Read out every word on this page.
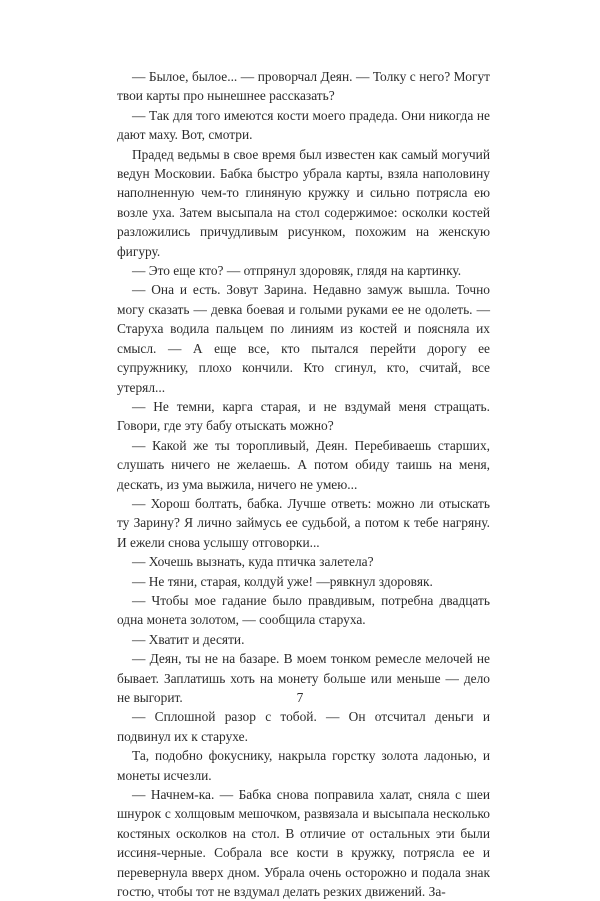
— Былое, былое... — проворчал Деян. — Толку с него? Могут твои карты про нынешнее рассказать?

— Так для того имеются кости моего прадеда. Они никогда не дают маху. Вот, смотри.

Прадед ведьмы в свое время был известен как самый могучий ведун Московии. Бабка быстро убрала карты, взяла наполовину наполненную чем-то глиняную кружку и сильно потрясла ею возле уха. Затем высыпала на стол содержимое: осколки костей разложились причудливым рисунком, похожим на женскую фигуру.

— Это еще кто? — отпрянул здоровяк, глядя на картинку.

— Она и есть. Зовут Зарина. Недавно замуж вышла. Точно могу сказать — девка боевая и голыми руками ее не одолеть. — Старуха водила пальцем по линиям из костей и поясняла их смысл. — А еще все, кто пытался перейти дорогу ее супружнику, плохо кончили. Кто сгинул, кто, считай, все утерял...

— Не темни, карга старая, и не вздумай меня стращать. Говори, где эту бабу отыскать можно?

— Какой же ты торопливый, Деян. Перебиваешь старших, слушать ничего не желаешь. А потом обиду таишь на меня, дескать, из ума выжила, ничего не умею...

— Хорош болтать, бабка. Лучше ответь: можно ли отыскать ту Зарину? Я лично займусь ее судьбой, а потом к тебе нагряну. И ежели снова услышу отговорки...

— Хочешь вызнать, куда птичка залетела?

— Не тяни, старая, колдуй уже! —рявкнул здоровяк.

— Чтобы мое гадание было правдивым, потребна двадцать одна монета золотом, — сообщила старуха.

— Хватит и десяти.

— Деян, ты не на базаре. В моем тонком ремесле мелочей не бывает. Заплатишь хоть на монету больше или меньше — дело не выгорит.

— Сплошной разор с тобой. — Он отсчитал деньги и подвинул их к старухе.

Та, подобно фокуснику, накрыла горстку золота ладонью, и монеты исчезли.

— Начнем-ка. — Бабка снова поправила халат, сняла с шеи шнурок с холщовым мешочком, развязала и высыпала несколько костяных осколков на стол. В отличие от остальных эти были иссиня-черные. Собрала все кости в кружку, потрясла ее и перевернула вверх дном. Убрала очень осторожно и подала знак гостю, чтобы тот не вздумал делать резких движений. За-

7
